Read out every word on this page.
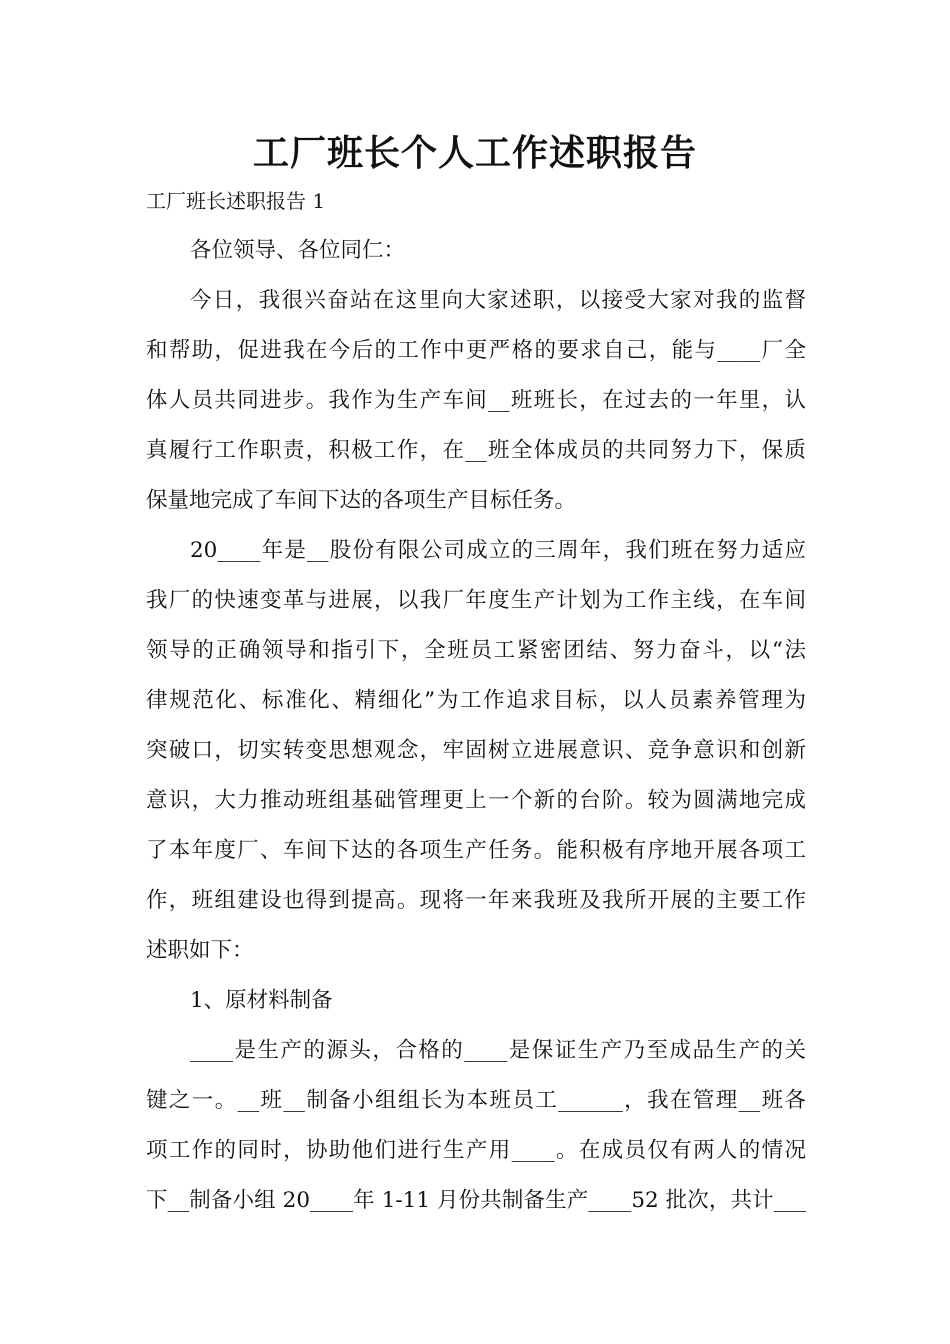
工厂班长个人工作述职报告
工厂班长述职报告 1
各位领导、各位同仁：
今日，我很兴奋站在这里向大家述职，以接受大家对我的监督
和帮助，促进我在今后的工作中更严格的要求自己，能与____厂全
体人员共同进步。我作为生产车间__班班长，在过去的一年里，认
真履行工作职责，积极工作，在__班全体成员的共同努力下，保质
保量地完成了车间下达的各项生产目标任务。
20____年是__股份有限公司成立的三周年，我们班在努力适应
我厂的快速变革与进展，以我厂年度生产计划为工作主线，在车间
领导的正确领导和指引下，全班员工紧密团结、努力奋斗，以“法
律规范化、标准化、精细化”为工作追求目标，以人员素养管理为
突破口，切实转变思想观念，牢固树立进展意识、竞争意识和创新
意识，大力推动班组基础管理更上一个新的台阶。较为圆满地完成
了本年度厂、车间下达的各项生产任务。能积极有序地开展各项工
作，班组建设也得到提高。现将一年来我班及我所开展的主要工作
述职如下：
1、原材料制备
____是生产的源头，合格的____是保证生产乃至成品生产的关
键之一。__班__制备小组组长为本班员工______，我在管理__班各
项工作的同时，协助他们进行生产用____。在成员仅有两人的情况
下__制备小组 20____年 1-11 月份共制备生产____52 批次，共计___
